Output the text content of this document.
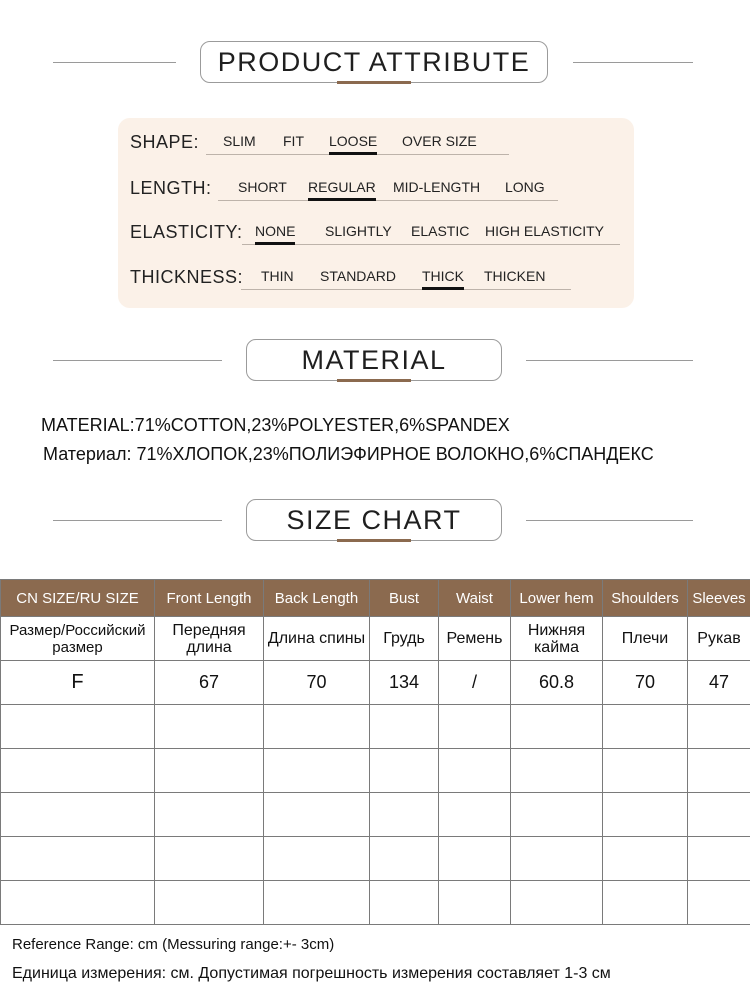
PRODUCT ATTRIBUTE
SHAPE: SLIM FIT LOOSE OVER SIZE
LENGTH: SHORT REGULAR MID-LENGTH LONG
ELASTICITY: NONE SLIGHTLY ELASTIC HIGH ELASTICITY
THICKNESS: THIN STANDARD THICK THICKEN
MATERIAL
MATERIAL:71%COTTON,23%POLYESTER,6%SPANDEX
Материал: 71%ХЛОПОК,23%ПОЛИЭФИРНОЕ ВОЛОКНО,6%СПАНДЕКС
SIZE CHART
CN SIZE/RU SIZE	Front Length	Back Length	Bust	Waist	Lower hem	Shoulders	Sleeves
Размер/Российский размер	Передняя длина	Длина спины	Грудь	Ремень	Нижняя кайма	Плечи	Рукав
F	67	70	134	/	60.8	70	47

Reference Range: cm (Messuring range:+- 3cm)
Единица измерения: см. Допустимая погрешность измерения составляет 1-3 см
